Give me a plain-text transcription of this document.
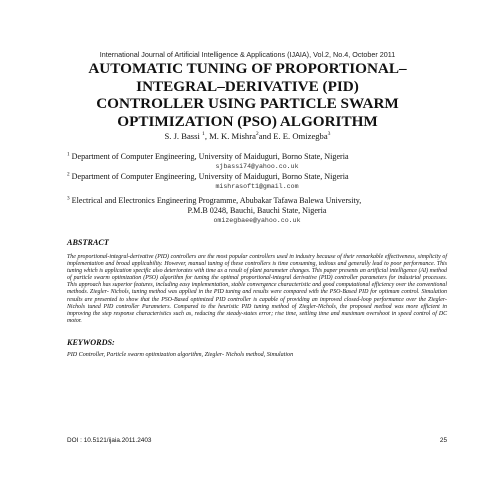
International Journal of Artificial Intelligence & Applications (IJAIA), Vol.2, No.4, October 2011
AUTOMATIC TUNING OF PROPORTIONAL–
INTEGRAL–DERIVATIVE (PID)
CONTROLLER USING PARTICLE SWARM
OPTIMIZATION (PSO) ALGORITHM
S. J. Bassi $^1$, M. K. Mishra$^2$and E. E. Omizegba$^3$
$^1$ Department of Computer Engineering, University of Maiduguri, Borno State, Nigeria
sjbassi74@yahoo.co.uk
$^2$ Department of Computer Engineering, University of Maiduguri, Borno State, Nigeria
mishrasoft1@gmail.com
$^3$ Electrical and Electronics Engineering Programme, Abubakar Tafawa Balewa University,
P.M.B 0248, Bauchi, Bauchi State, Nigeria
omizegbaee@yahoo.co.uk
ABSTRACT

The proportional-integral-derivative (PID) controllers are the most popular controllers used in industry because of their remarkable effectiveness, simplicity of implementation and broad applicability. However, manual tuning of these controllers is time consuming, tedious and generally lead to poor performance. This tuning which is application specific also deteriorates with time as a result of plant parameter changes. This paper presents an artificial intelligence (AI) method of particle swarm optimization (PSO) algorithm for tuning the optimal proportional-integral derivative (PID) controller parameters for industrial processes. This approach has superior features, including easy implementation, stable convergence characteristic and good computational efficiency over the conventional methods. Ziegler- Nichols, tuning method was applied in the PID tuning and results were compared with the PSO-Based PID for optimum control. Simulation results are presented to show that the PSO-Based optimized PID controller is capable of providing an improved closed-loop performance over the Ziegler- Nichols tuned PID controller Parameters. Compared to the heuristic PID tuning method of Ziegler-Nichols, the proposed method was more efficient in improving the step response characteristics such as, reducing the steady-states error; rise time, settling time and maximum overshoot in speed control of DC motor.

KEYWORDS:

PID Controller, Particle swarm optimization algorithm, Ziegler- Nichols method, Simulation

DOI : 10.5121/ijaia.2011.2403	25
